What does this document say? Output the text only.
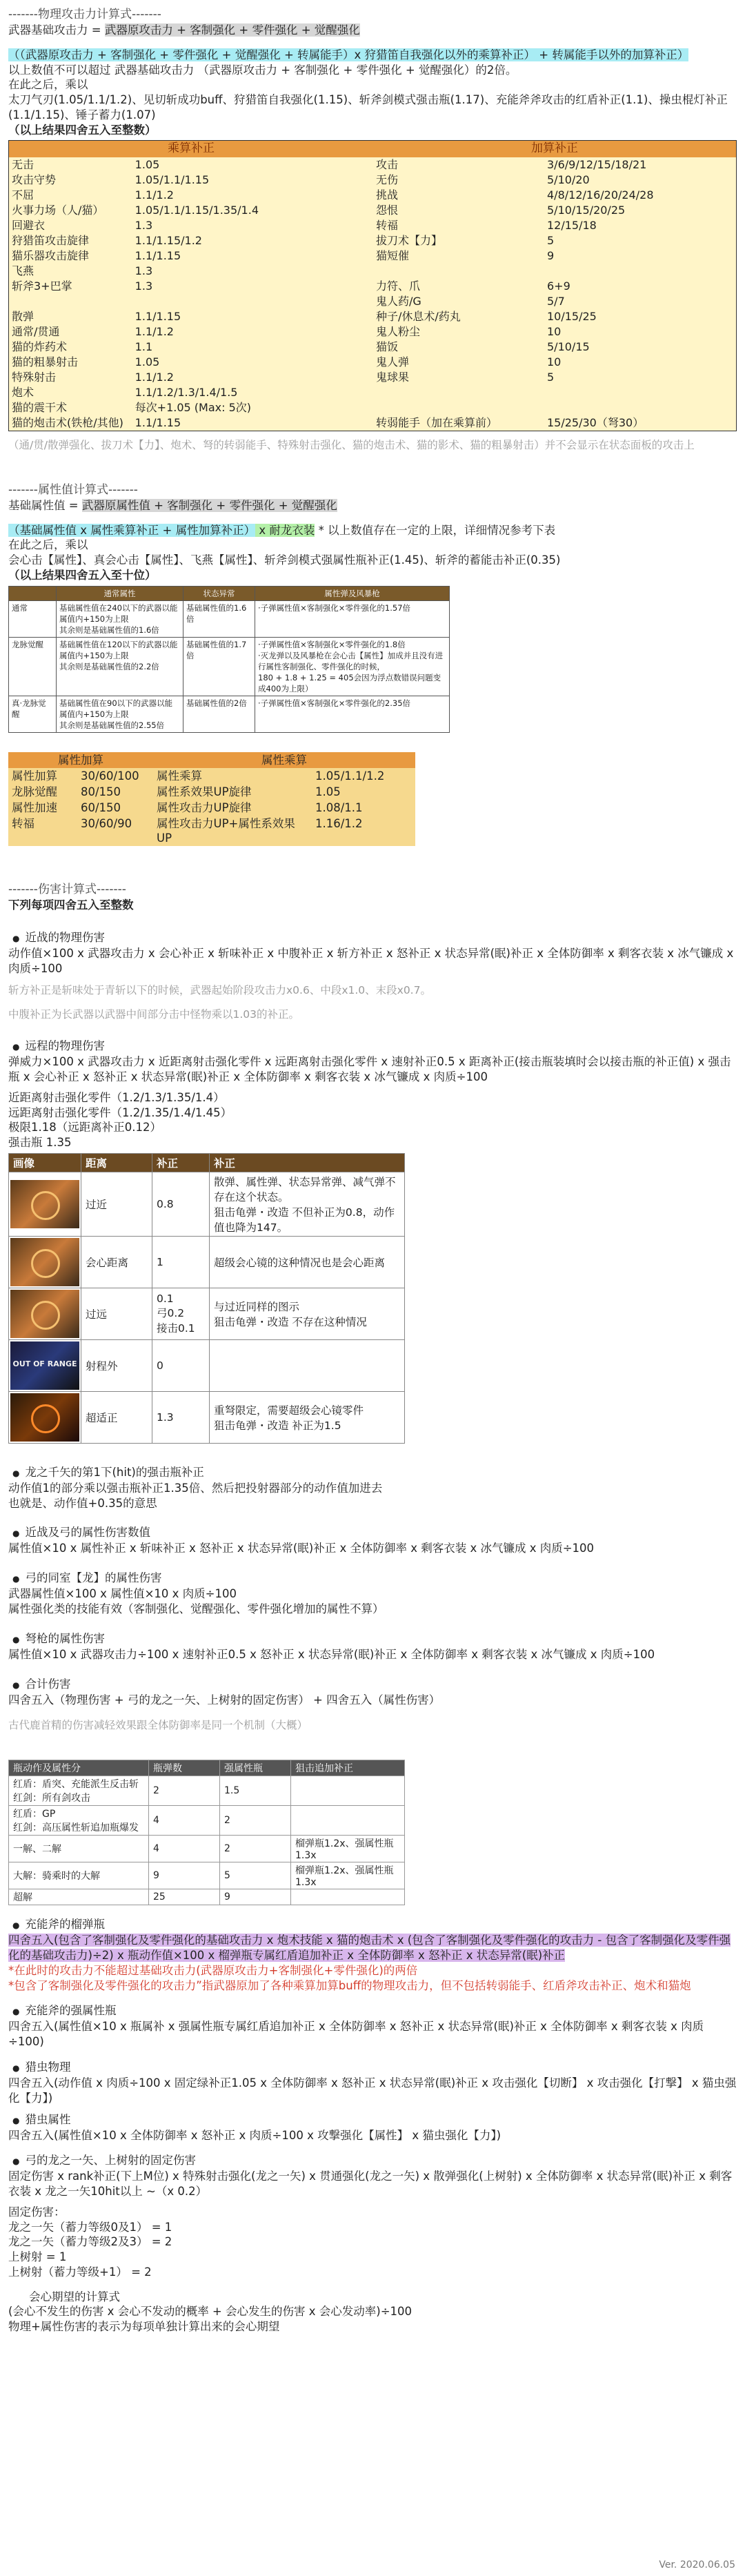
-------物理攻击力计算式-------

武器基础攻击力 = 武器原攻击力 + 客制强化 + 零件强化 + 觉醒强化

（（武器原攻击力 + 客制强化 + 零件强化 + 觉醒强化 + 转属能手）x 狩猎笛自我强化以外的乘算补正） + 转属能手以外的加算补正）

以上数值不可以超过 武器基础攻击力 （武器原攻击力 + 客制强化 + 零件强化 + 觉醒强化）的2倍。

在此之后，乘以

太刀气刃(1.05/1.1/1.2)、见切斩成功buff、狩猎笛自我强化(1.15)、斩斧剑模式强击瓶(1.17)、充能斧斧攻击的红盾补正(1.1)、操虫棍灯补正(1.1/1.15)、锤子蓄力(1.07)

（以上结果四舍五入至整数）

乘算补正		加算补正	
无击	1.05	攻击	3/6/9/12/15/18/21
攻击守势	1.05/1.1/1.15	无伤	5/10/20
不屈	1.1/1.2	挑战	4/8/12/16/20/24/28
火事力场（人/猫）	1.05/1.1/1.15/1.35/1.4	怨恨	5/10/15/20/25
回避衣	1.3	转福	12/15/18
狩猎笛攻击旋律	1.1/1.15/1.2	拔刀术【力】	5
猫乐器攻击旋律	1.1/1.15	猫短催	9
飞燕	1.3		
斩斧3+巴掌	1.3	力符、爪	6+9
		鬼人药/G	5/7
散弹	1.1/1.15	种子/休息术/药丸	10/15/25
通常/贯通	1.1/1.2	鬼人粉尘	10
猫的炸药术	1.1	猫饭	5/10/15
猫的粗暴射击	1.05	鬼人弹	10
特殊射击	1.1/1.2	鬼球果	5
炮术	1.1/1.2/1.3/1.4/1.5		
猫的震干术	每次+1.05 (Max: 5次)		
猫的炮击术(铁枪/其他)	1.1/1.15	转弱能手（加在乘算前）	15/25/30（弩30）

（通/贯/散弹强化、拔刀术【力】、炮术、弩的转弱能手、特殊射击强化、猫的炮击术、猫的影术、猫的粗暴射击）并不会显示在状态面板的攻击上

-------属性值计算式-------

基础属性值 = 武器原属性值 + 客制强化 + 零件强化 + 觉醒强化

（基础属性值 x 属性乘算补正 + 属性加算补正） x 耐龙衣装 * 以上数值存在一定的上限，详细情况参考下表

在此之后，乘以

会心击【属性】、真会心击【属性】、飞燕【属性】、斩斧剑模式强属性瓶补正(1.45)、斩斧的蓄能击补正(0.35)

（以上结果四舍五入至十位）

	通常属性	状态异常	属性弹及风暴枪
通常	基础属性值在240以下的武器以能属值内+150为上限
其余则是基础属性值的1.6倍	基础属性值的1.6倍	·子弹属性值×客制强化×零件强化的1.57倍
龙脉觉醒	基础属性值在120以下的武器以能属值内+150为上限
其余则是基础属性值的2.2倍	基础属性值的1.7倍	·子弹属性值×客制强化×零件强化的1.8倍
·灭龙弹以及风暴枪在会心击【属性】加成并且没有进行属性客制强化、零件强化的时候，
180 + 1.8 + 1.25 = 405会因为浮点数错误问题变成400为上限）
真·龙脉觉醒	基础属性值在90以下的武器以能属值内+150为上限
其余则是基础属性值的2.55倍	基础属性值的2倍	·子弹属性值×客制强化×零件强化的2.35倍
属性加算		属性乘算	
属性加算	30/60/100	属性乘算	1.05/1.1/1.2
龙脉觉醒	80/150	属性系效果UP旋律	1.05
属性加速	60/150	属性攻击力UP旋律	1.08/1.1
转福	30/60/90	属性攻击力UP+属性系效果UP	1.16/1.2
-------伤害计算式-------

下列每项四舍五入至整数

● 近战的物理伤害

动作值×100 x 武器攻击力 x 会心补正 x 斩味补正 x 中腹补正 x 斩方补正 x 怒补正 x 状态异常(眠)补正 x 全体防御率 x 剩客衣装 x 冰气镰成 x 肉质÷100

斩方补正是斩味处于青斩以下的时候，武器起始阶段攻击力x0.6、中段x1.0、末段x0.7。

中腹补正为长武器以武器中间部分击中怪物乘以1.03的补正。

● 远程的物理伤害

弹威力×100 x 武器攻击力 x 近距离射击强化零件 x 远距离射击强化零件 x 速射补正0.5 x 距离补正(接击瓶装填时会以接击瓶的补正值) x 强击瓶 x 会心补正 x 怒补正 x 状态异常(眠)补正 x 全体防御率 x 剩客衣装 x 冰气镰成 x 肉质÷100

近距离射击强化零件（1.2/1.3/1.35/1.4）

远距离射击强化零件（1.2/1.35/1.4/1.45）

极限1.18（远距离补正0.12）

强击瓶 1.35

画像	距离	补正	补正

	过近	0.8	散弹、属性弹、状态异常弹、减气弹不存在这个状态。
狙击龟弹・改造 不但补正为0.8，动作值也降为147。

	会心距离	1	超级会心镜的这种情况也是会心距离

	过远	0.1
弓0.2
接击0.1	与过近同样的图示
狙击龟弹・改造 不存在这种情况

OUT OF RANGE	射程外	0	

	超适正	1.3	重弩限定，需要超级会心镜零件
狙击龟弹・改造 补正为1.5
● 龙之千矢的第1下(hit)的强击瓶补正

动作值1的部分乘以强击瓶补正1.35倍、然后把投射器部分的动作值加进去

也就是、动作值+0.35的意思

● 近战及弓的属性伤害数值

属性值×10 x 属性补正 x 斩味补正 x 怒补正 x 状态异常(眠)补正 x 全体防御率 x 剩客衣装 x 冰气镰成 x 肉质÷100

● 弓的同室【龙】的属性伤害

武器属性值×100 x 属性值×10 x 肉质÷100

属性强化类的技能有效（客制强化、觉醒强化、零件强化增加的属性不算）

● 弩枪的属性伤害

属性值×10 x 武器攻击力÷100 x 速射补正0.5 x 怒补正 x 状态异常(眠)补正 x 全体防御率 x 剩客衣装 x 冰气镰成 x 肉质÷100

● 合计伤害

四舍五入（物理伤害 + 弓的龙之一矢、上树射的固定伤害） + 四舍五入（属性伤害）

古代鹿首精的伤害减轻效果跟全体防御率是同一个机制（大概）

瓶动作及属性分	瓶弹数	强属性瓶	狙击追加补正
红盾：盾突、充能派生反击斩
红剑：所有剑攻击	2	1.5	
红盾：GP
红剑：高压属性斩追加瓶爆发	4	2	
一解、二解	4	2	榴弹瓶1.2x、强属性瓶1.3x
大解：骑乘时的大解	9	5	榴弹瓶1.2x、强属性瓶1.3x
超解	25	9	
● 充能斧的榴弹瓶

四舍五入(包含了客制强化及零件强化的基础攻击力 x 炮术技能 x 猫的炮击术 x (包含了客制强化及零件强化的攻击力 - 包含了客制强化及零件强化的基础攻击力)÷2) x 瓶动作值×100 x 榴弹瓶专属红盾追加补正 x 全体防御率 x 怒补正 x 状态异常(眠)补正

*在此时的攻击力不能超过基础攻击力(武器原攻击力+客制强化+零件强化)的两倍
*包含了客制强化及零件强化的攻击力”指武器原加了各种乘算加算buff的物理攻击力，但不包括转弱能手、红盾斧攻击补正、炮术和猫炮

● 充能斧的强属性瓶

四舍五入(属性值×10 x 瓶属补 x 强属性瓶专属红盾追加补正 x 全体防御率 x 怒补正 x 状态异常(眠)补正 x 全体防御率 x 剩客衣装 x 肉质÷100)

● 猎虫物理

四舍五入(动作值 x 肉质÷100 x 固定绿补正1.05 x 全体防御率 x 怒补正 x 状态异常(眠)补正 x 攻击强化【切断】 x 攻击强化【打撃】 x 猫虫强化【力】)

● 猎虫属性

四舍五入(属性值×10 x 全体防御率 x 怒补正 x 肉质÷100 x 攻撃强化【属性】 x 猫虫强化【力】)

● 弓的龙之一矢、上树射的固定伤害

固定伤害 x rank补正(下上M位) x 特殊射击强化(龙之一矢) x 贯通强化(龙之一矢) x 散弹强化(上树射) x 全体防御率 x 状态异常(眠)补正 x 剩客衣装 x 龙之一矢10hit以上 ~（x 0.2）

固定伤害：

龙之一矢（蓄力等级0及1） = 1

龙之一矢（蓄力等级2及3） = 2

上树射 = 1

上树射（蓄力等级+1） = 2

会心期望的计算式

(会心不发生的伤害 x 会心不发动的概率 + 会心发生的伤害 x 会心发动率)÷100

物理+属性伤害的表示为每项单独计算出来的会心期望

Ver. 2020.06.05
